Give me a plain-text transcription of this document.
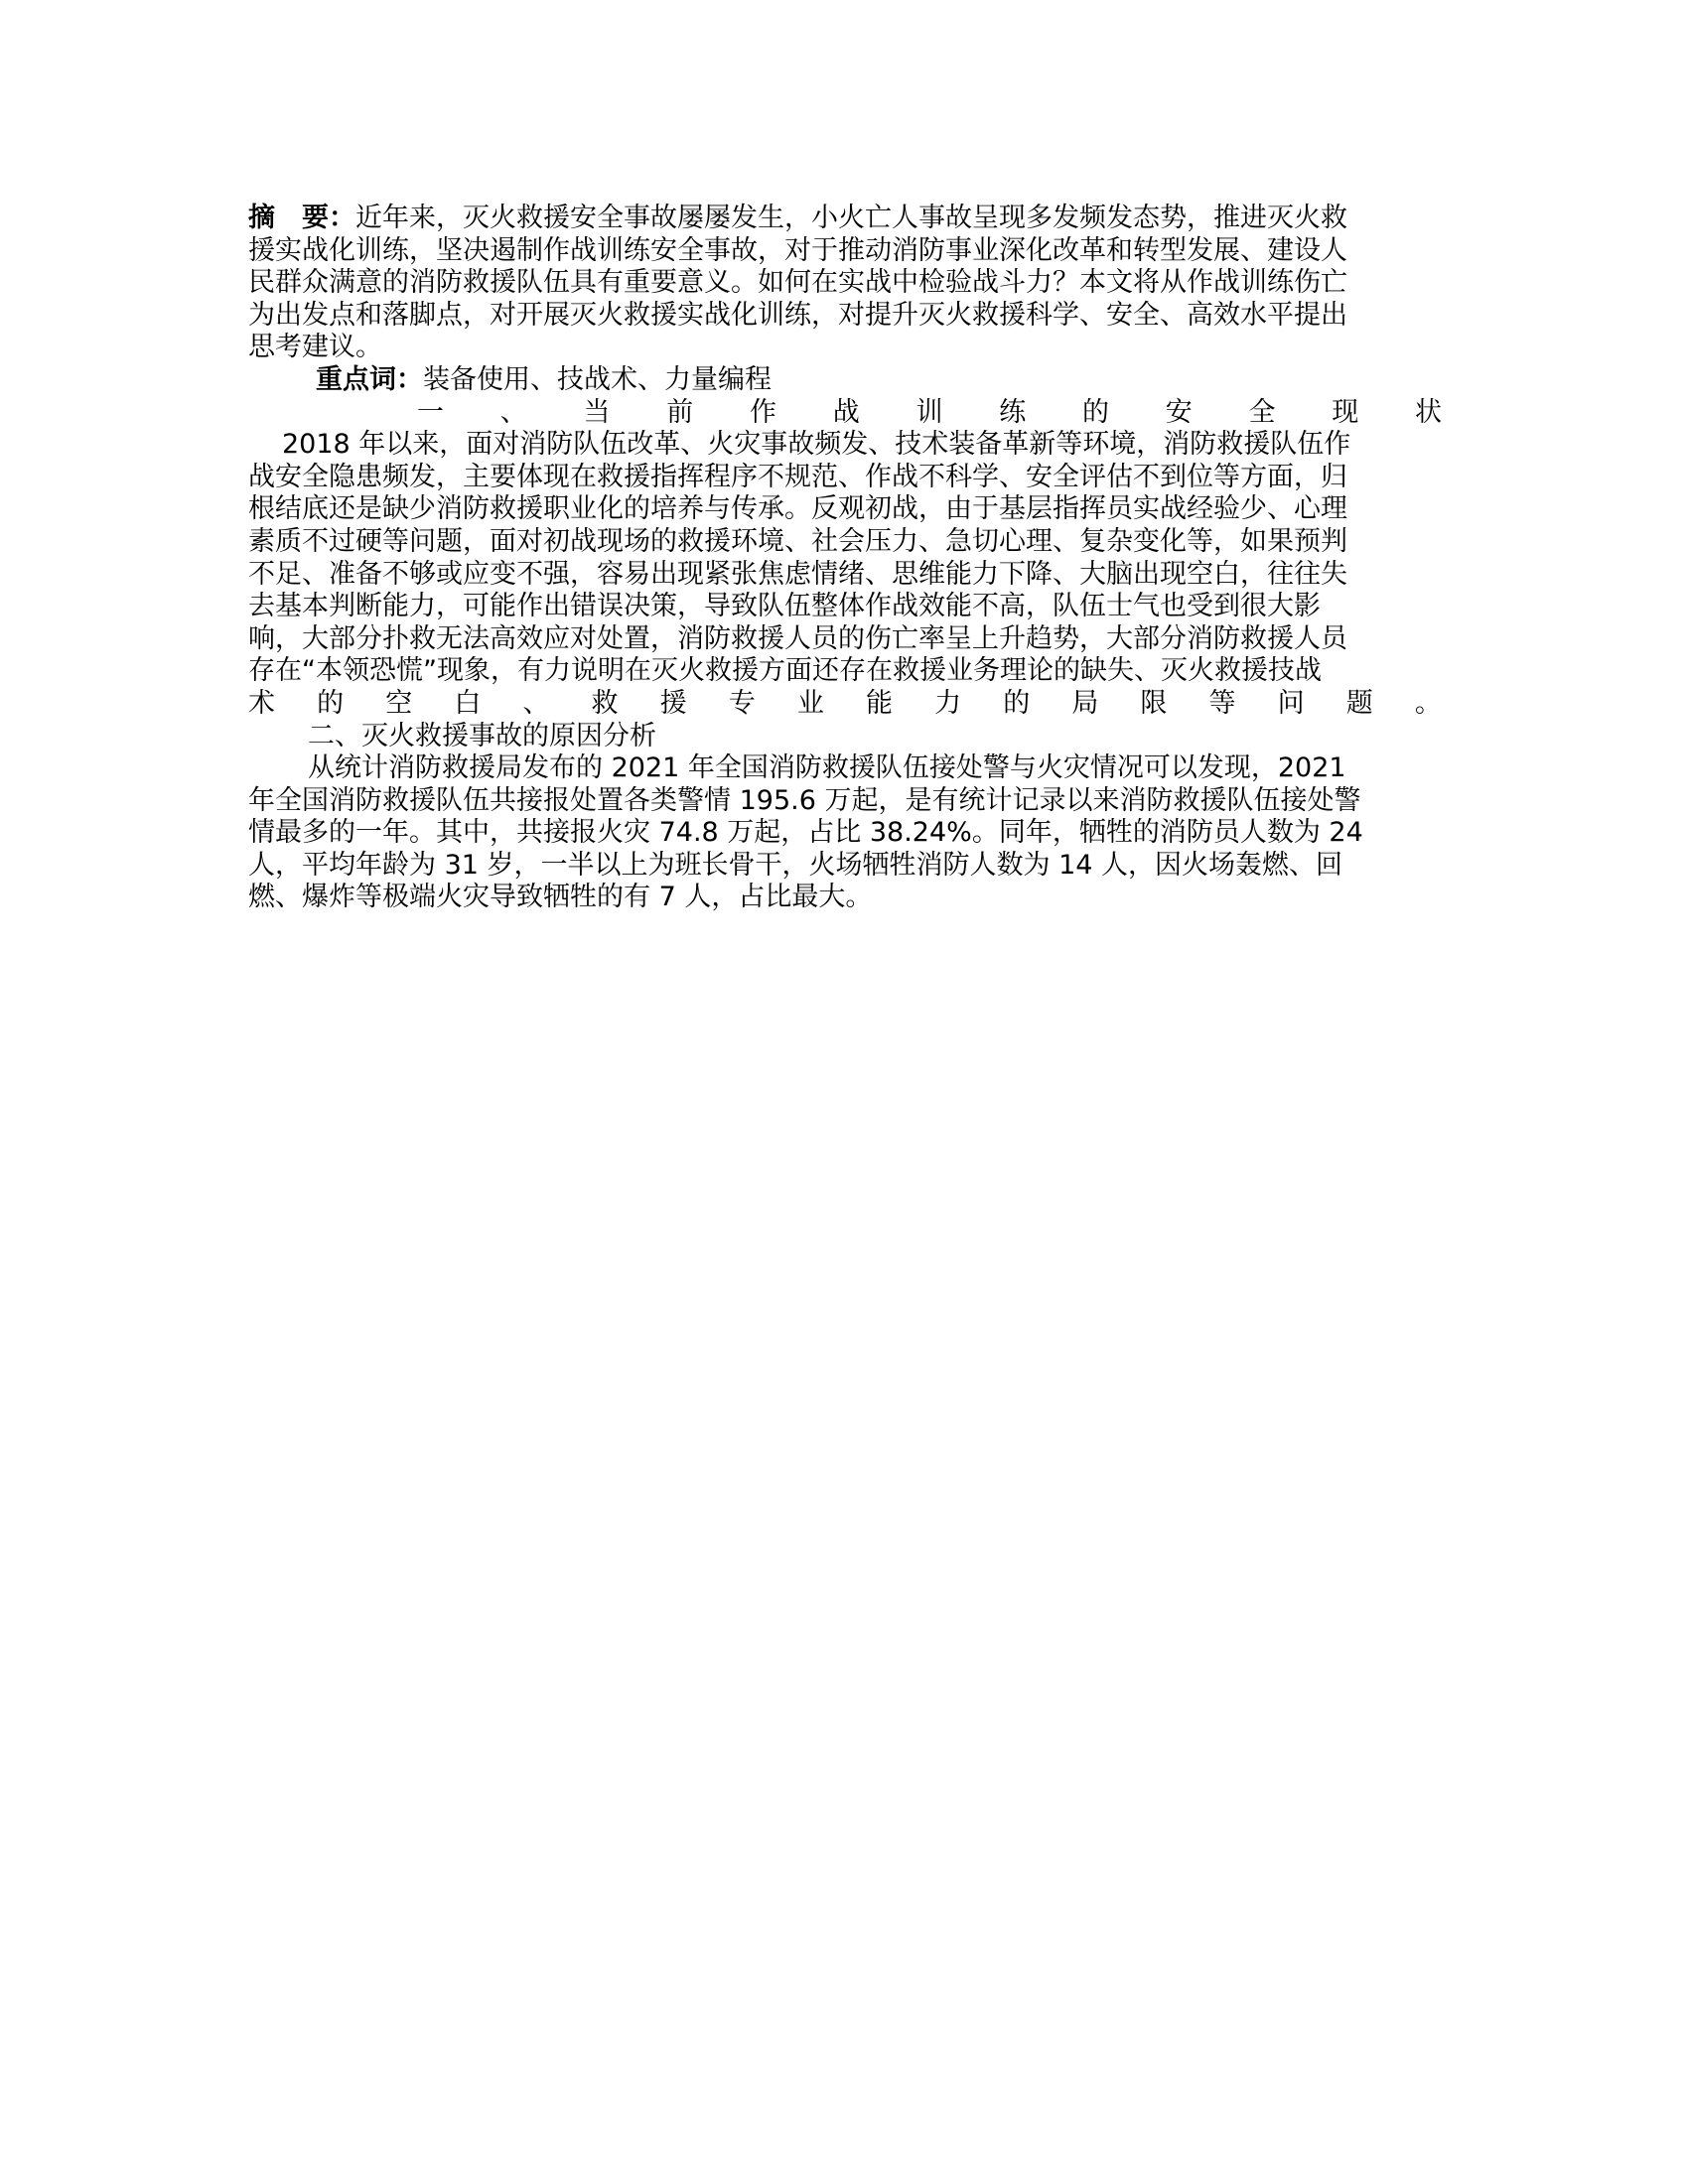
摘　要：近年来，灭火救援安全事故屡屡发生，小火亡人事故呈现多发频发态势，推进灭火救
援实战化训练，坚决遏制作战训练安全事故，对于推动消防事业深化改革和转型发展、建设人
民群众满意的消防救援队伍具有重要意义。如何在实战中检验战斗力？本文将从作战训练伤亡
为出发点和落脚点，对开展灭火救援实战化训练，对提升灭火救援科学、安全、高效水平提出
思考建议。
重点词：装备使用、技战术、力量编程
一 、 当 前 作 战 训 练 的 安 全 现 状
2018 年以来，面对消防队伍改革、火灾事故频发、技术装备革新等环境，消防救援队伍作
战安全隐患频发，主要体现在救援指挥程序不规范、作战不科学、安全评估不到位等方面，归
根结底还是缺少消防救援职业化的培养与传承。反观初战，由于基层指挥员实战经验少、心理
素质不过硬等问题，面对初战现场的救援环境、社会压力、急切心理、复杂变化等，如果预判
不足、准备不够或应变不强，容易出现紧张焦虑情绪、思维能力下降、大脑出现空白，往往失
去基本判断能力，可能作出错误决策，导致队伍整体作战效能不高，队伍士气也受到很大影
响，大部分扑救无法高效应对处置，消防救援人员的伤亡率呈上升趋势，大部分消防救援人员
存在“本领恐慌”现象，有力说明在灭火救援方面还存在救援业务理论的缺失、灭火救援技战
术 的 空 白 、 救 援 专 业 能 力 的 局 限 等 问 题 。
二、灭火救援事故的原因分析
从统计消防救援局发布的 2021 年全国消防救援队伍接处警与火灾情况可以发现，2021
年全国消防救援队伍共接报处置各类警情 195.6 万起，是有统计记录以来消防救援队伍接处警
情最多的一年。其中，共接报火灾 74.8 万起，占比 38.24%。同年，牺牲的消防员人数为 24
人，平均年龄为 31 岁，一半以上为班长骨干，火场牺牲消防人数为 14 人，因火场轰燃、回
燃、爆炸等极端火灾导致牺牲的有 7 人，占比最大。
